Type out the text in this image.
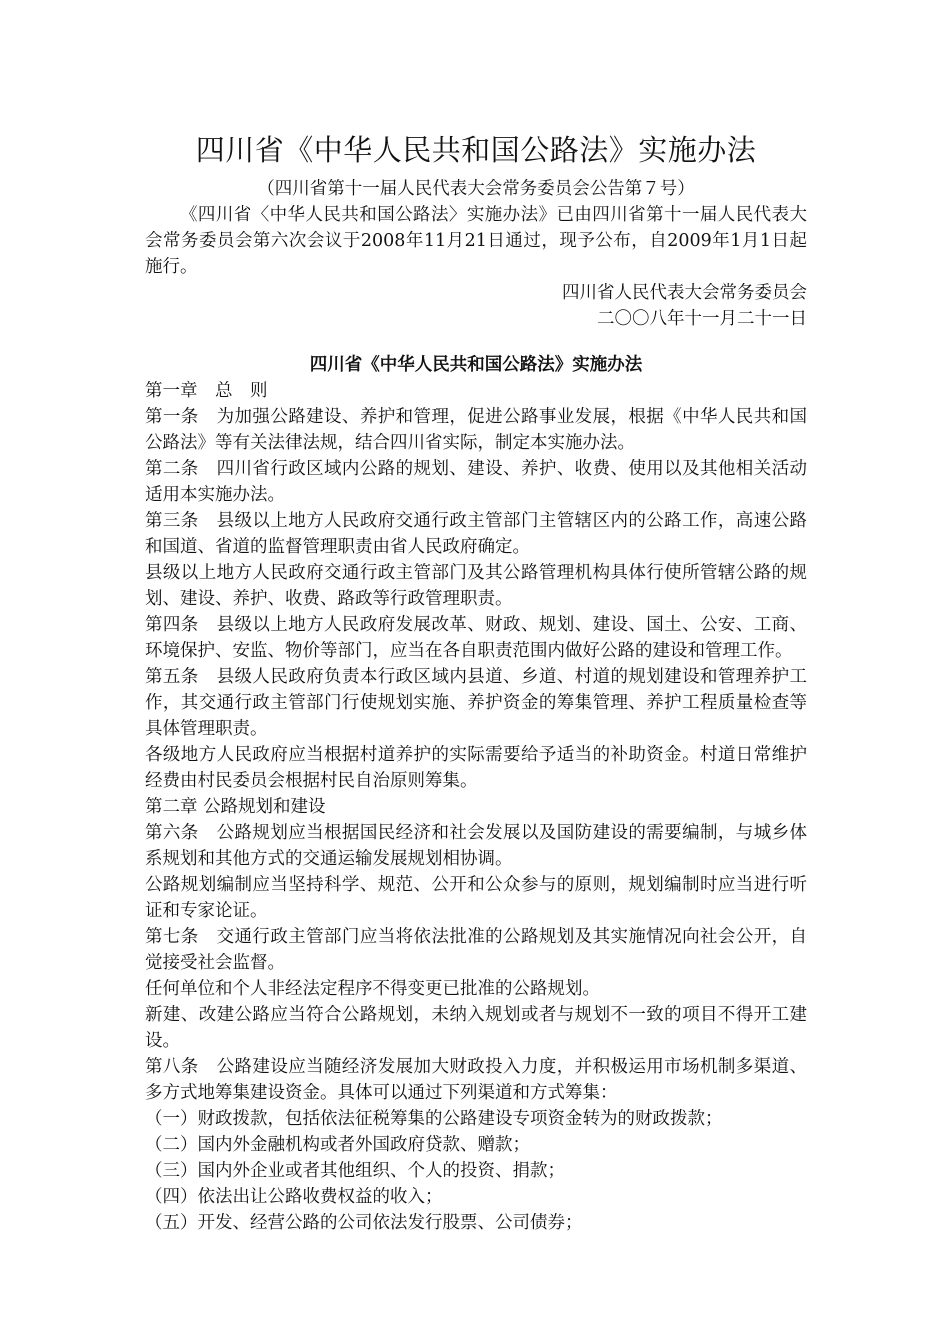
四川省《中华人民共和国公路法》实施办法

（四川省第十一届人民代表大会常务委员会公告第７号）

《四川省〈中华人民共和国公路法〉实施办法》已由四川省第十一届人民代表大会常务委员会第六次会议于2008年11月21日通过，现予公布，自2009年1月1日起施行。

四川省人民代表大会常务委员会

二〇〇八年十一月二十一日

四川省《中华人民共和国公路法》实施办法

第一章　总　则

第一条　为加强公路建设、养护和管理，促进公路事业发展，根据《中华人民共和国公路法》等有关法律法规，结合四川省实际，制定本实施办法。

第二条　四川省行政区域内公路的规划、建设、养护、收费、使用以及其他相关活动适用本实施办法。

第三条　县级以上地方人民政府交通行政主管部门主管辖区内的公路工作，高速公路和国道、省道的监督管理职责由省人民政府确定。

县级以上地方人民政府交通行政主管部门及其公路管理机构具体行使所管辖公路的规划、建设、养护、收费、路政等行政管理职责。

第四条　县级以上地方人民政府发展改革、财政、规划、建设、国土、公安、工商、环境保护、安监、物价等部门，应当在各自职责范围内做好公路的建设和管理工作。

第五条　县级人民政府负责本行政区域内县道、乡道、村道的规划建设和管理养护工作，其交通行政主管部门行使规划实施、养护资金的筹集管理、养护工程质量检查等具体管理职责。

各级地方人民政府应当根据村道养护的实际需要给予适当的补助资金。村道日常维护经费由村民委员会根据村民自治原则筹集。

第二章 公路规划和建设

第六条　公路规划应当根据国民经济和社会发展以及国防建设的需要编制，与城乡体系规划和其他方式的交通运输发展规划相协调。

公路规划编制应当坚持科学、规范、公开和公众参与的原则，规划编制时应当进行听证和专家论证。

第七条　交通行政主管部门应当将依法批准的公路规划及其实施情况向社会公开，自觉接受社会监督。

任何单位和个人非经法定程序不得变更已批准的公路规划。

新建、改建公路应当符合公路规划，未纳入规划或者与规划不一致的项目不得开工建设。

第八条　公路建设应当随经济发展加大财政投入力度，并积极运用市场机制多渠道、多方式地筹集建设资金。具体可以通过下列渠道和方式筹集：

（一）财政拨款，包括依法征税筹集的公路建设专项资金转为的财政拨款；

（二）国内外金融机构或者外国政府贷款、赠款；

（三）国内外企业或者其他组织、个人的投资、捐款；

（四）依法出让公路收费权益的收入；

（五）开发、经营公路的公司依法发行股票、公司债券；
